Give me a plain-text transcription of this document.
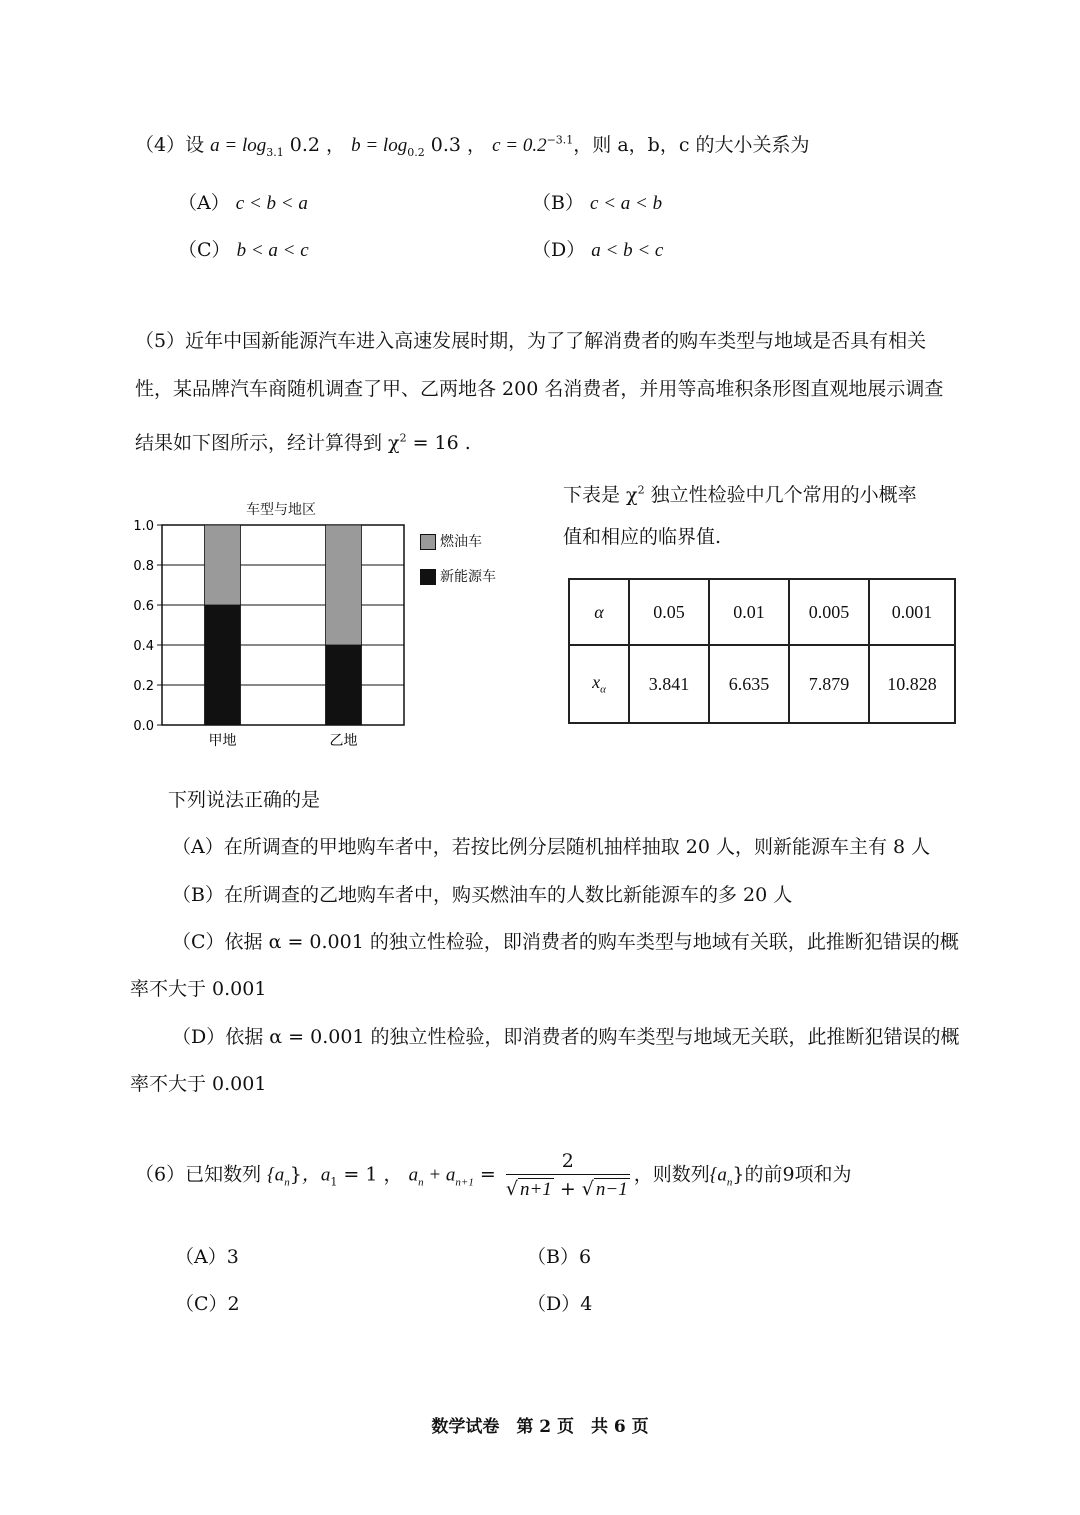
（4）设 $a = \log_{3.1} 0.2$ ， $b = \log_{0.2} 0.3$ ， $c = 0.2^{-3.1}$，则 a，b，c 的大小关系为
（A） c < b < a	（B） c < a < b
（C） b < a < c	（D） a < b < c
（5）近年中国新能源汽车进入高速发展时期，为了了解消费者的购车类型与地域是否具有相关
性，某品牌汽车商随机调查了甲、乙两地各 200 名消费者，并用等高堆积条形图直观地展示调查
结果如下图所示，经计算得到 $\chi^2 = 16$ .
车型与地区
0.0
0.2
0.4
0.6
0.8
1.0
甲地	乙地
燃油车
新能源车
下表是 $\chi^2$ 独立性检验中几个常用的小概率
值和相应的临界值.
α	0.05	0.01	0.005	0.001
$x_\alpha$	3.841	6.635	7.879	10.828
下列说法正确的是
（A）在所调查的甲地购车者中，若按比例分层随机抽样抽取 20 人，则新能源车主有 8 人
（B）在所调查的乙地购车者中，购买燃油车的人数比新能源车的多 20 人
（C）依据 α = 0.001 的独立性检验，即消费者的购车类型与地域有关联，此推断犯错误的概
率不大于 0.001
（D）依据 α = 0.001 的独立性检验，即消费者的购车类型与地域无关联，此推断犯错误的概
率不大于 0.001
（6）已知数列 $\{a_n\}$，$a_1 = 1$ ， $a_n + a_{n+1} = \frac{2}{√ n+1 + √ n-1}$ ，则数列$\{a_n\}$的前9项和为
（A）3	（B）6
（C）2	（D）4
数学试卷　第 2 页　共 6 页
